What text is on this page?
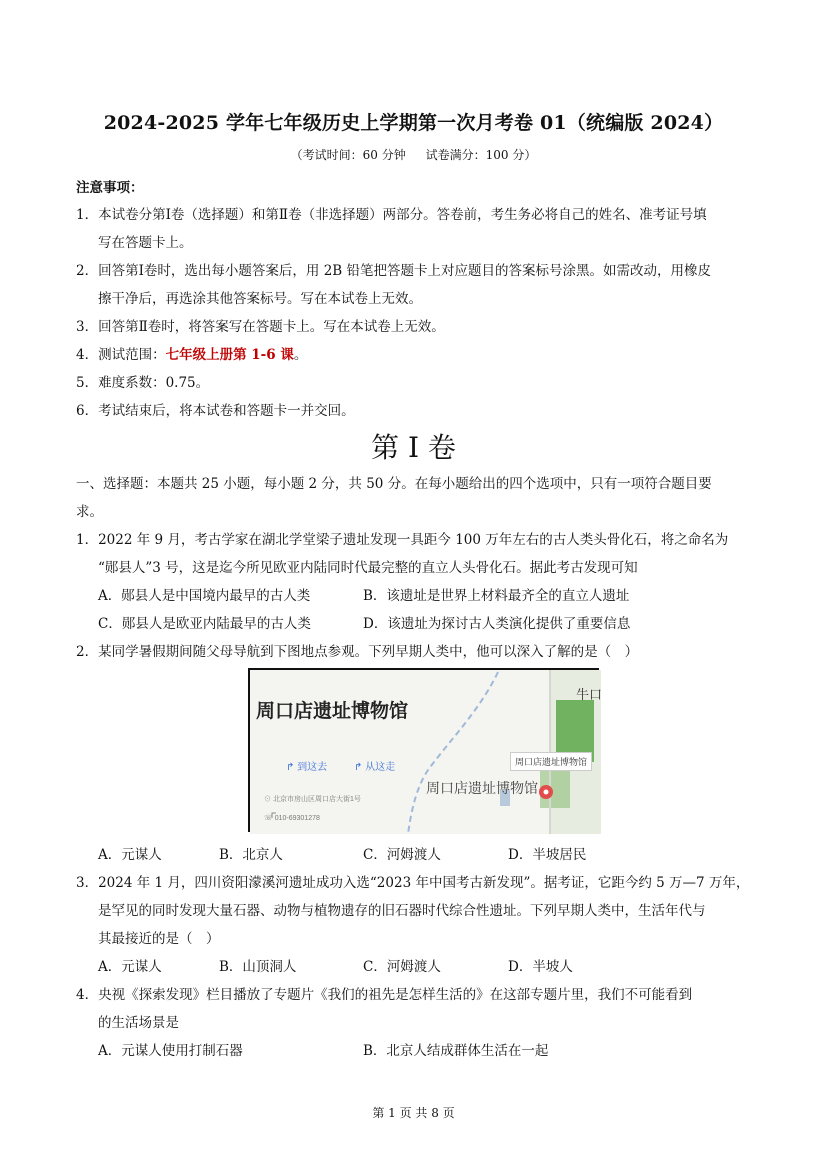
2024-2025 学年七年级历史上学期第一次月考卷 01（统编版 2024）
（考试时间：60 分钟 试卷满分：100 分）
注意事项：
1．本试卷分第Ⅰ卷（选择题）和第Ⅱ卷（非选择题）两部分。答卷前，考生务必将自己的姓名、准考证号填
写在答题卡上。
2．回答第Ⅰ卷时，选出每小题答案后，用 2B 铅笔把答题卡上对应题目的答案标号涂黑。如需改动，用橡皮
擦干净后，再选涂其他答案标号。写在本试卷上无效。
3．回答第Ⅱ卷时，将答案写在答题卡上。写在本试卷上无效。
4．测试范围：七年级上册第 1-6 课。
5．难度系数：0.75。
6．考试结束后，将本试卷和答题卡一并交回。
第 I 卷
一、选择题：本题共 25 小题，每小题 2 分，共 50 分。在每小题给出的四个选项中，只有一项符合题目要
求。
1．2022 年 9 月，考古学家在湖北学堂梁子遗址发现一具距今 100 万年左右的古人类头骨化石，将之命名为
“郧县人”3 号，这是迄今所见欧亚内陆同时代最完整的直立人头骨化石。据此考古发现可知
A．郧县人是中国境内最早的古人类	B．该遗址是世界上材料最齐全的直立人遗址
C．郧县人是欧亚内陆最早的古人类	D．该遗址为探讨古人类演化提供了重要信息
2．某同学暑假期间随父母导航到下图地点参观。下列早期人类中，他可以深入了解的是（　）
周口店遗址博物馆
↱ 到这去	↱ 从这走
⊙ 北京市房山区周口店大街1号
☏ 010-69301278
周口店遗址博物馆
周口店遗址博物馆
牛口
A．元谋人	B．北京人	C．河姆渡人	D．半坡居民
3．2024 年 1 月，四川资阳濛溪河遗址成功入选“2023 年中国考古新发现”。据考证，它距今约 5 万—7 万年，
是罕见的同时发现大量石器、动物与植物遗存的旧石器时代综合性遗址。下列早期人类中，生活年代与
其最接近的是（　）
A．元谋人	B．山顶洞人	C．河姆渡人	D．半坡人
4．央视《探索发现》栏目播放了专题片《我们的祖先是怎样生活的》在这部专题片里，我们不可能看到
的生活场景是
A．元谋人使用打制石器	B．北京人结成群体生活在一起
第 1 页 共 8 页
